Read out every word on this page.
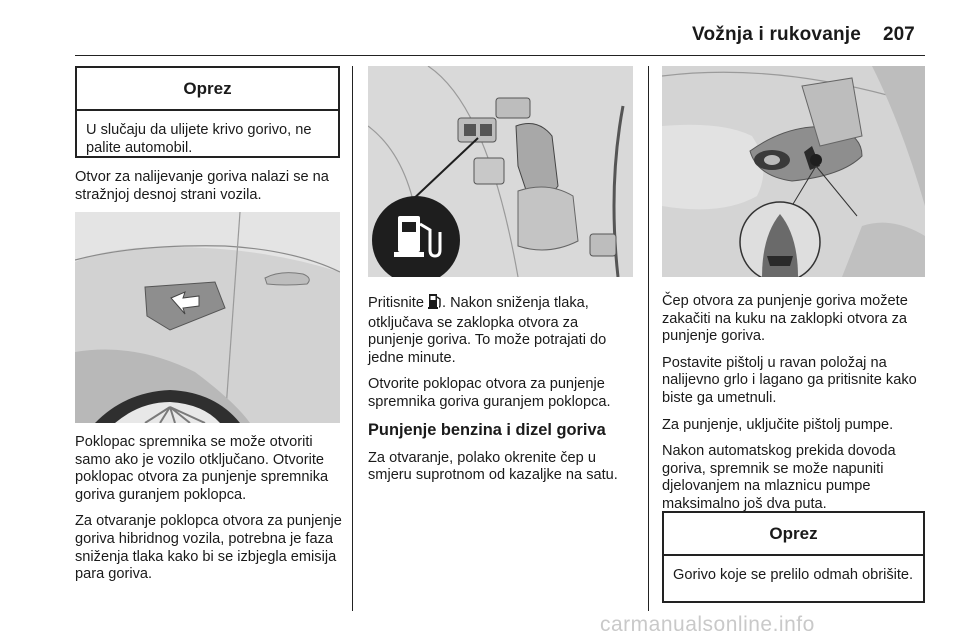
Vožnja i rukovanje 207
Oprez
U slučaju da ulijete krivo gorivo, ne palite automobil.

Otvor za nalijevanje goriva nalazi se na stražnjoj desnoj strani vozila.

Poklopac spremnika se može otvoriti samo ako je vozilo otključano. Otvorite poklopac otvora za punjenje spremnika goriva guranjem poklopca.

Za otvaranje poklopca otvora za punjenje goriva hibridnog vozila, potrebna je faza sniženja tlaka kako bi se izbjegla emisija para goriva.

Pritisnite . Nakon sniženja tlaka, otključava se zaklopka otvora za punjenje goriva. To može potrajati do jedne minute.

Otvorite poklopac otvora za punjenje spremnika goriva guranjem poklopca.

Punjenje benzina i dizel goriva

Za otvaranje, polako okrenite čep u smjeru suprotnom od kazaljke na satu.

Čep otvora za punjenje goriva možete zakačiti na kuku na zaklopki otvora za punjenje goriva.

Postavite pištolj u ravan položaj na nalijevno grlo i lagano ga pritisnite kako biste ga umetnuli.

Za punjenje, uključite pištolj pumpe.

Nakon automatskog prekida dovoda goriva, spremnik se može napuniti djelovanjem na mlaznicu pumpe maksimalno još dva puta.

Oprez
Gorivo koje se prelilo odmah obrišite.
carmanualsonline.info
